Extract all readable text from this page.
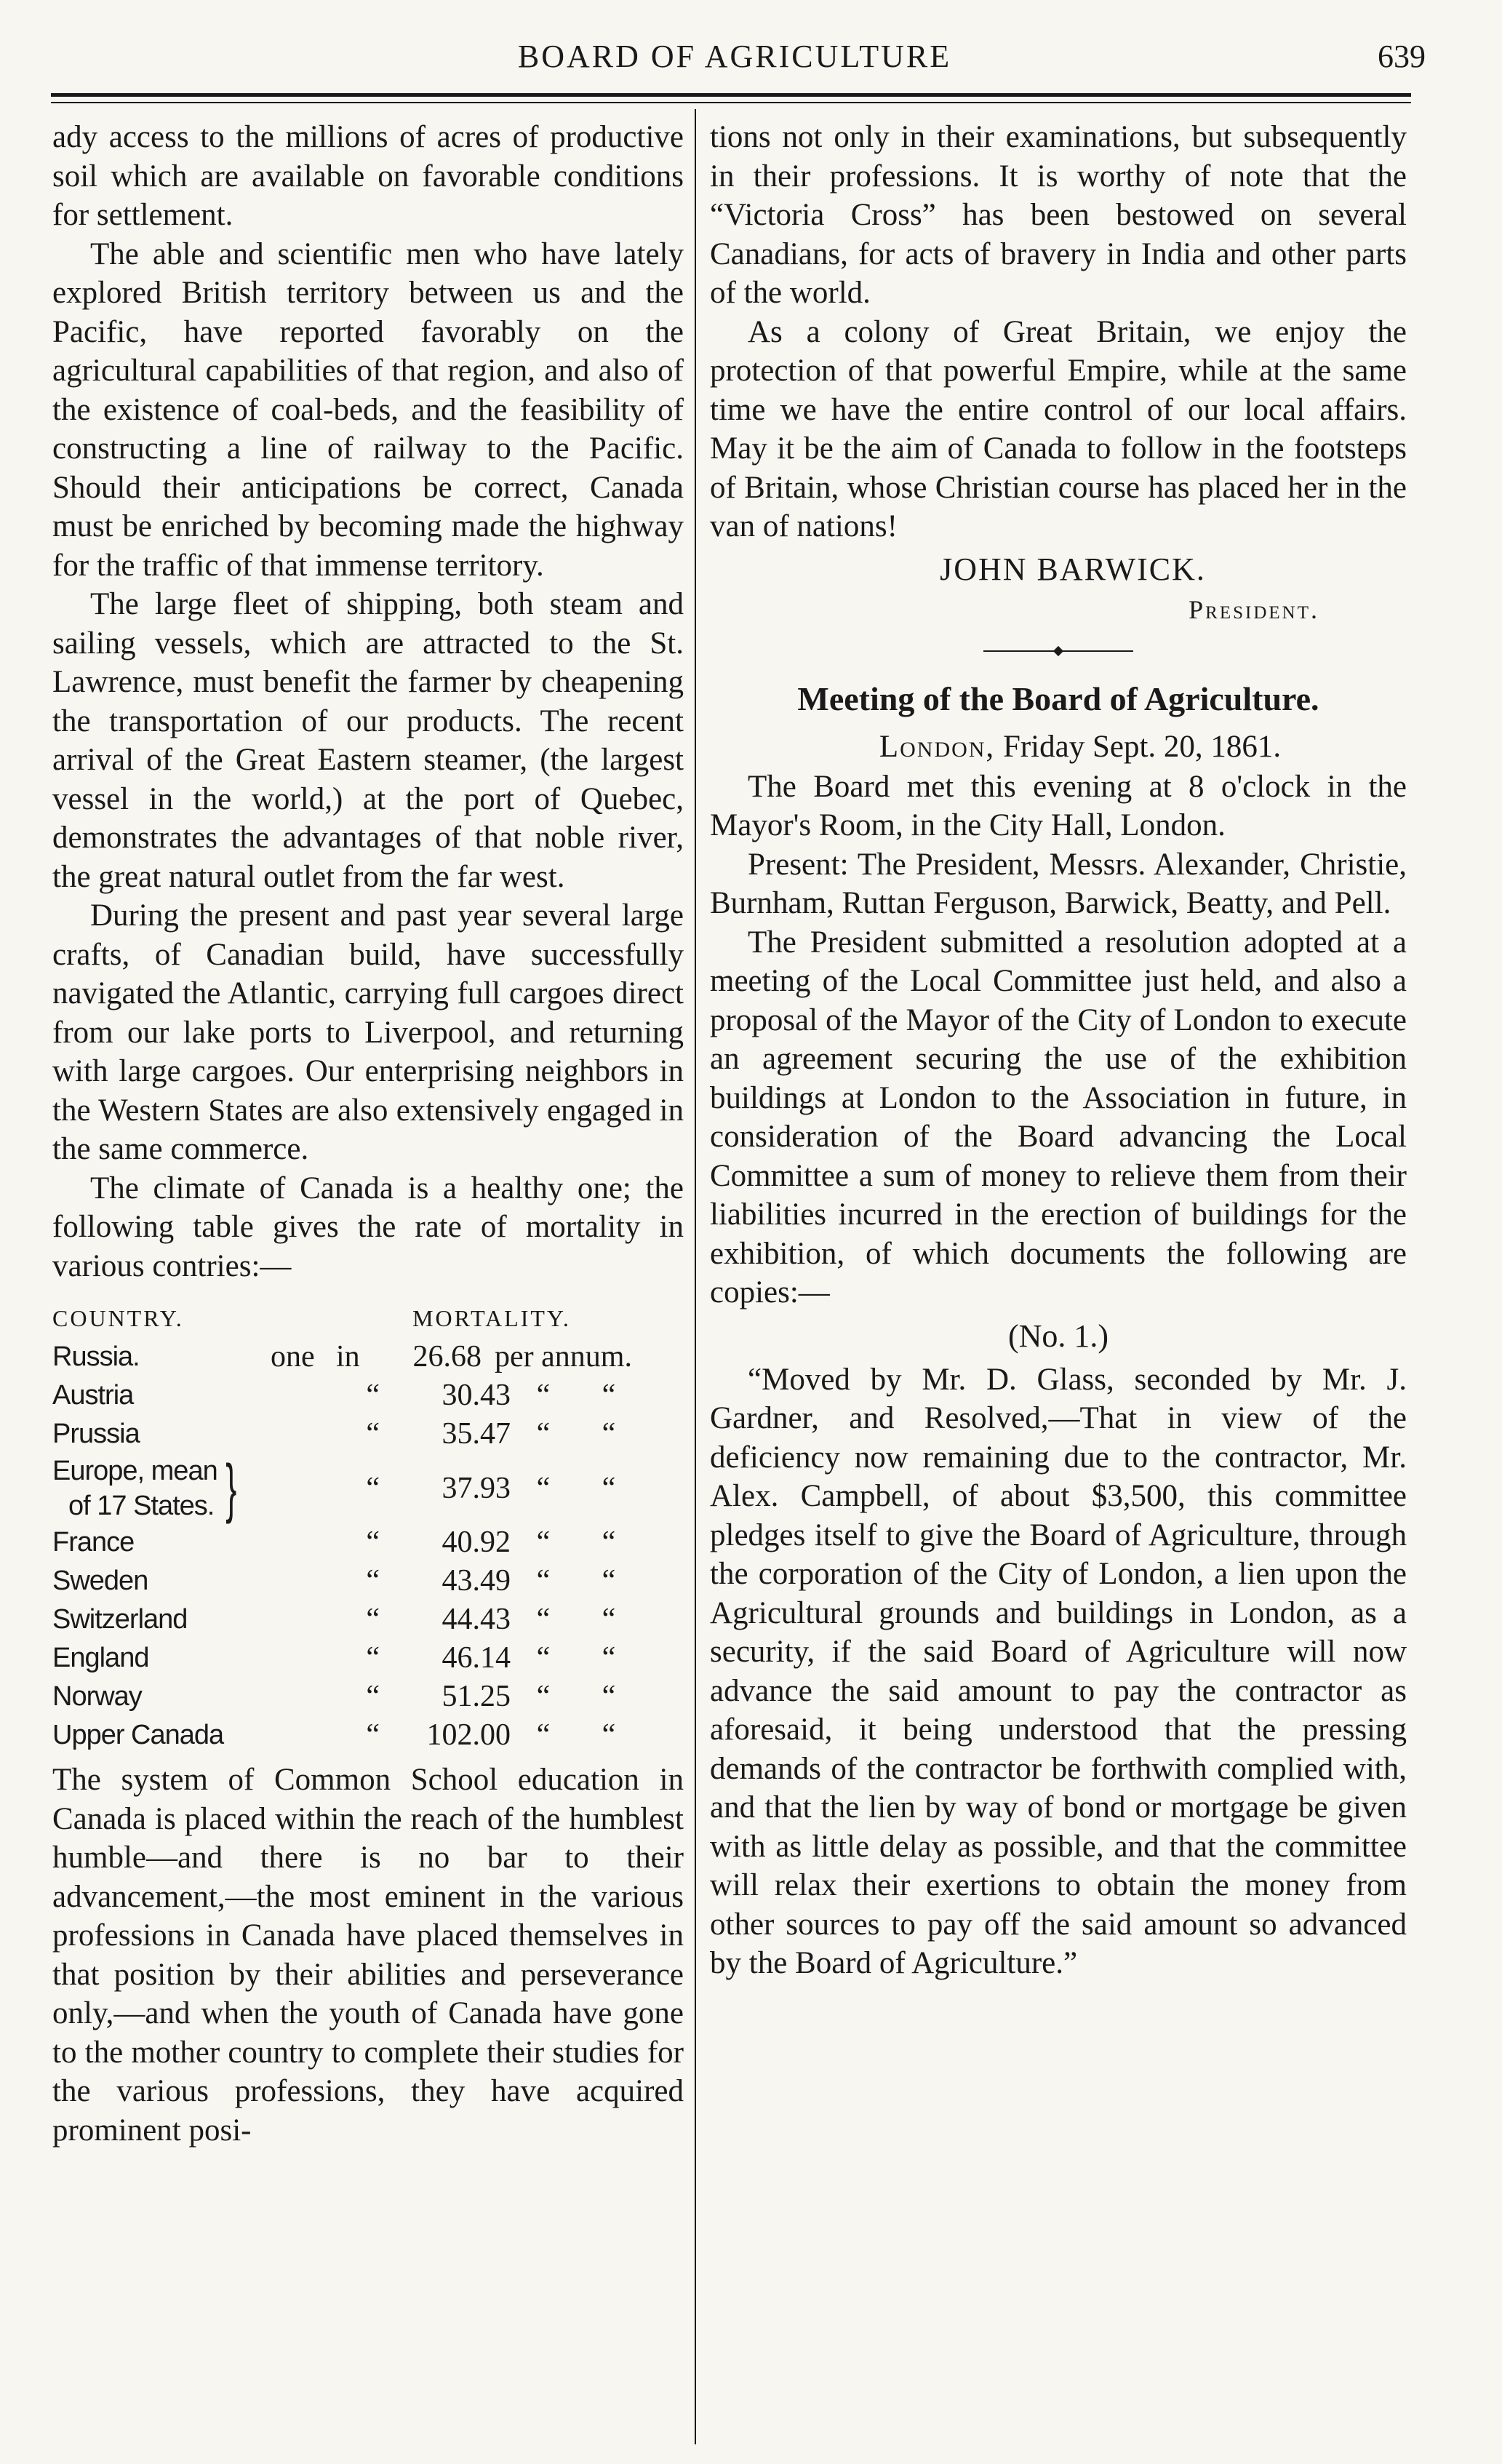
BOARD OF AGRICULTURE	639

ady access to the millions of acres of productive soil which are available on favorable conditions for settlement.

The able and scientific men who have lately explored British territory between us and the Pacific, have reported favorably on the agricultural capabilities of that region, and also of the existence of coal-beds, and the feasibility of constructing a line of railway to the Pacific. Should their anticipations be correct, Canada must be enriched by becoming made the highway for the traffic of that immense territory.

The large fleet of shipping, both steam and sailing vessels, which are attracted to the St. Lawrence, must benefit the farmer by cheapening the transportation of our products. The recent arrival of the Great Eastern steamer, (the largest vessel in the world,) at the port of Quebec, demonstrates the advantages of that noble river, the great natural outlet from the far west.

During the present and past year several large crafts, of Canadian build, have successfully navigated the Atlantic, carrying full cargoes direct from our lake ports to Liverpool, and returning with large cargoes. Our enterprising neighbors in the Western States are also extensively engaged in the same commerce.

The climate of Canada is a healthy one; the following table gives the rate of mortality in various contries:—

COUNTRY.	MORTALITY.
Russia.	one in	26.68 per annum.
Austria	“	30.43 “	“
Prussia	“	35.47 “	“
Europe, mean
of 17 States. }	“	37.93 “	“
France	“	40.92 “	“
Sweden	“	43.49 “	“
Switzerland	“	44.43 “	“
England	“	46.14 “	“
Norway	“	51.25 “	“
Upper Canada	“	102.00 “	“

The system of Common School education in Canada is placed within the reach of the humblest humble—and there is no bar to their advancement,—the most eminent in the various professions in Canada have placed themselves in that position by their abilities and perseverance only,—and when the youth of Canada have gone to the mother country to complete their studies for the various professions, they have acquired prominent posi-

tions not only in their examinations, but subsequently in their professions. It is worthy of note that the “Victoria Cross” has been bestowed on several Canadians, for acts of bravery in India and other parts of the world.

As a colony of Great Britain, we enjoy the protection of that powerful Empire, while at the same time we have the entire control of our local affairs. May it be the aim of Canada to follow in the footsteps of Britain, whose Christian course has placed her in the van of nations!

JOHN BARWICK.
President.
Meeting of the Board of Agriculture.
London, Friday Sept. 20, 1861.

The Board met this evening at 8 o'clock in the Mayor's Room, in the City Hall, London.

Present: The President, Messrs. Alexander, Christie, Burnham, Ruttan Ferguson, Barwick, Beatty, and Pell.

The President submitted a resolution adopted at a meeting of the Local Committee just held, and also a proposal of the Mayor of the City of London to execute an agreement securing the use of the exhibition buildings at London to the Association in future, in consideration of the Board advancing the Local Committee a sum of money to relieve them from their liabilities incurred in the erection of buildings for the exhibition, of which documents the following are copies:—

(No. 1.)

“Moved by Mr. D. Glass, seconded by Mr. J. Gardner, and Resolved,—That in view of the deficiency now remaining due to the contractor, Mr. Alex. Campbell, of about $3,500, this committee pledges itself to give the Board of Agriculture, through the corporation of the City of London, a lien upon the Agricultural grounds and buildings in London, as a security, if the said Board of Agriculture will now advance the said amount to pay the contractor as aforesaid, it being understood that the pressing demands of the contractor be forthwith complied with, and that the lien by way of bond or mortgage be given with as little delay as possible, and that the committee will relax their exertions to obtain the money from other sources to pay off the said amount so advanced by the Board of Agriculture.”
